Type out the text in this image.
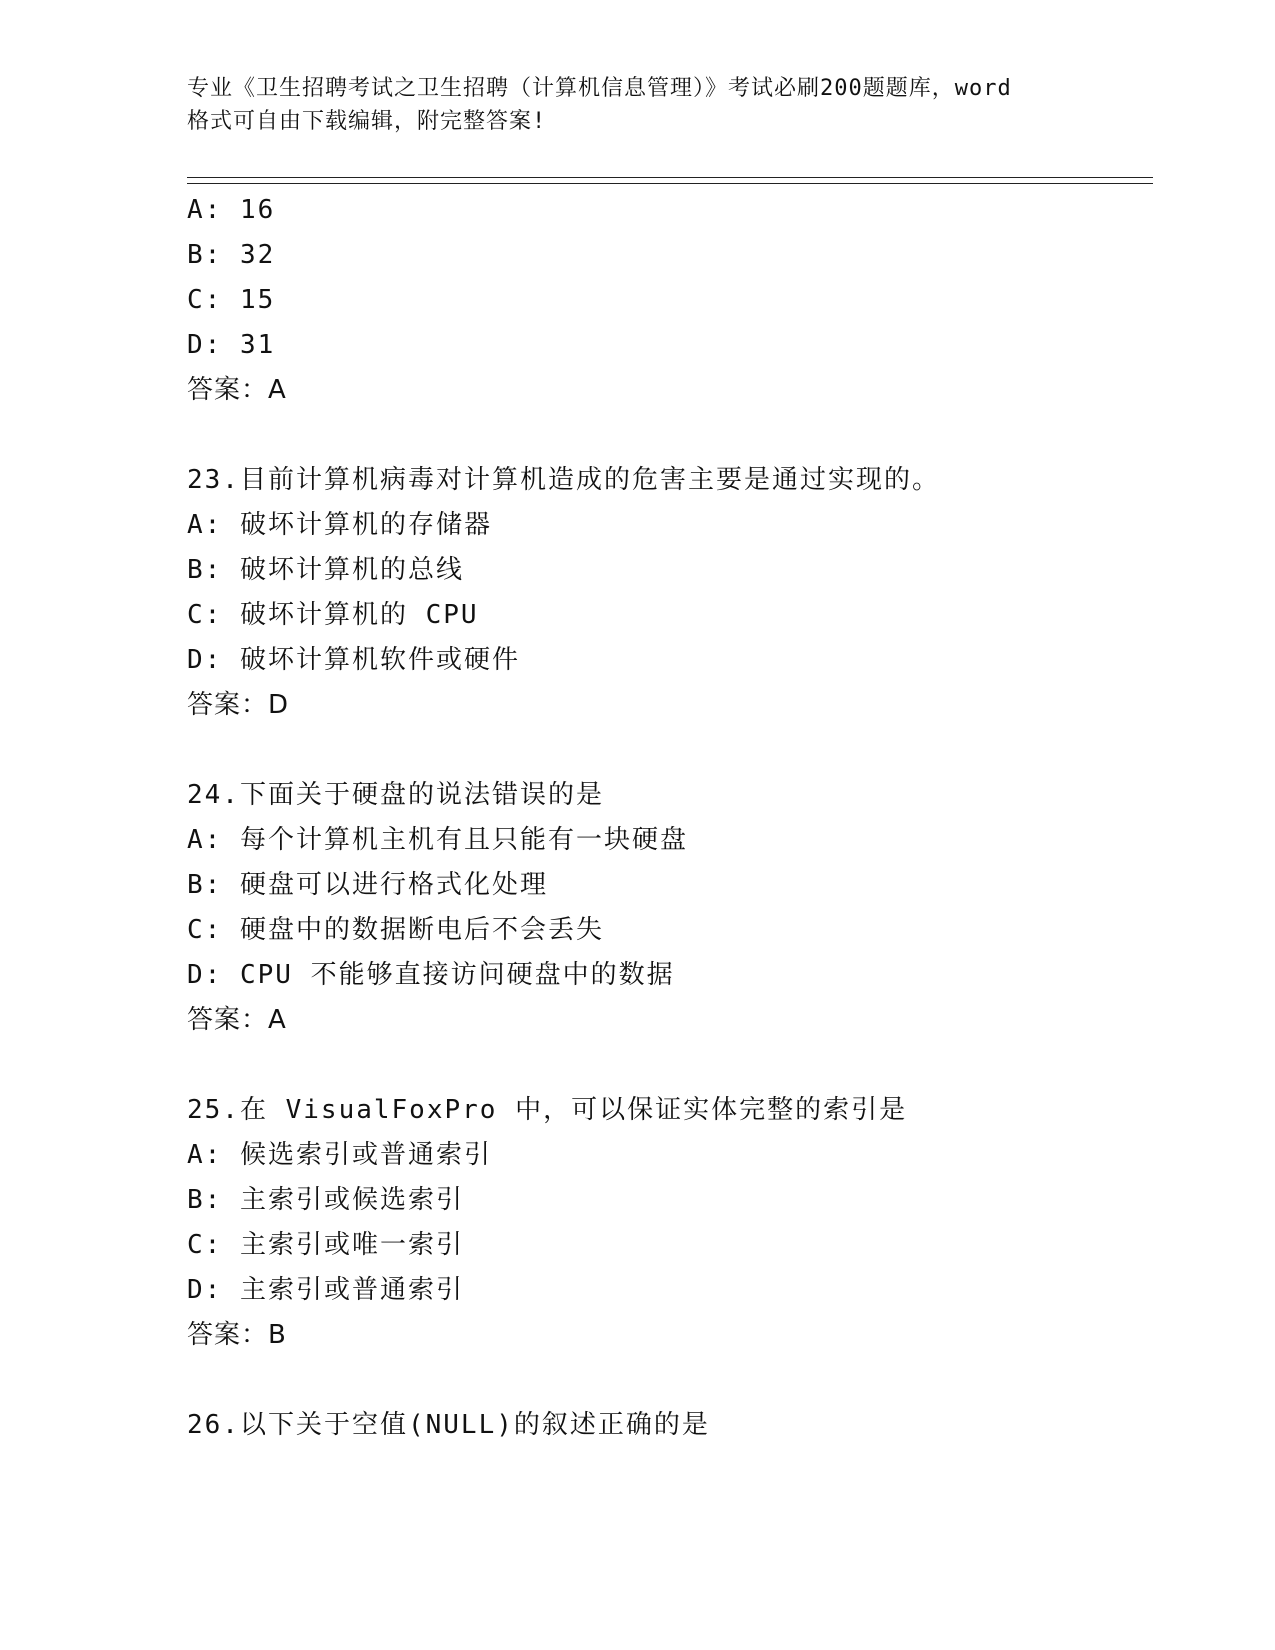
专业《卫生招聘考试之卫生招聘（计算机信息管理）》考试必刷200题题库，word
格式可自由下载编辑，附完整答案!
A: 16
B: 32
C: 15
D: 31
答案：A
23.目前计算机病毒对计算机造成的危害主要是通过实现的。
A: 破坏计算机的存储器
B: 破坏计算机的总线
C: 破坏计算机的 CPU
D: 破坏计算机软件或硬件
答案：D
24.下面关于硬盘的说法错误的是
A: 每个计算机主机有且只能有一块硬盘
B: 硬盘可以进行格式化处理
C: 硬盘中的数据断电后不会丢失
D: CPU 不能够直接访问硬盘中的数据
答案：A
25.在 VisualFoxPro 中，可以保证实体完整的索引是
A: 候选索引或普通索引
B: 主索引或候选索引
C: 主索引或唯一索引
D: 主索引或普通索引
答案：B
26.以下关于空值(NULL)的叙述正确的是
